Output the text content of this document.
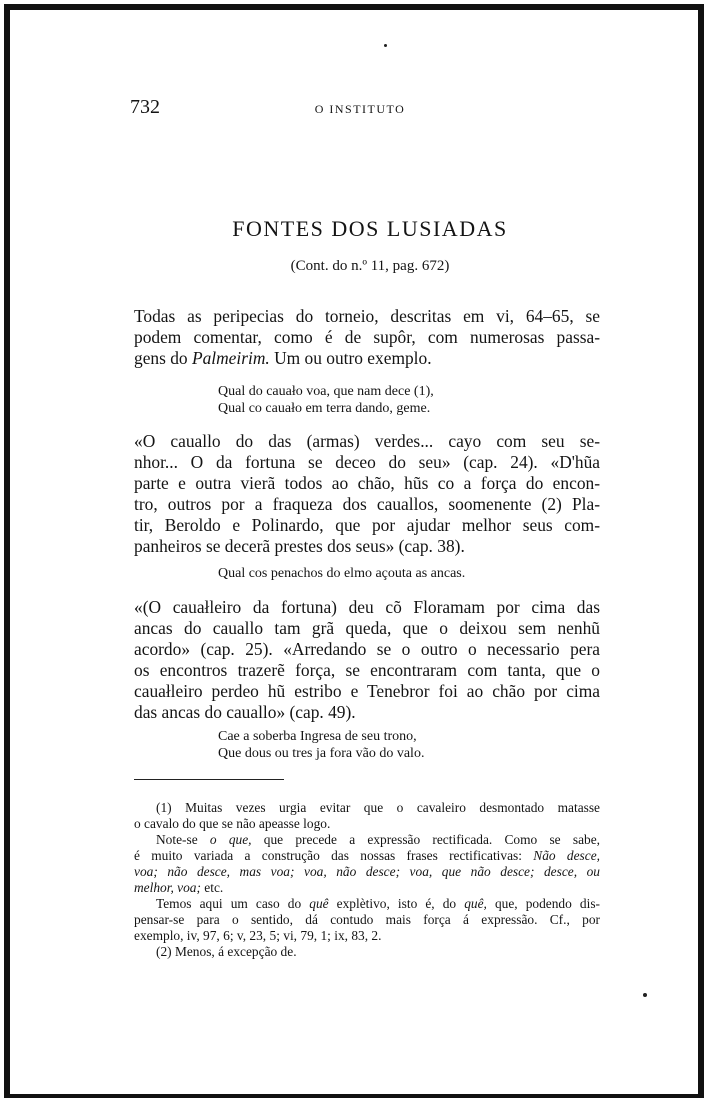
732	O INSTITUTO
FONTES DOS LUSIADAS
(Cont. do n.º 11, pag. 672)

Todas as peripecias do torneio, descritas em vi, 64–65, se
podem comentar, como é de supôr, com numerosas passa-
gens do Palmeirim. Um ou outro exemplo.

Qual do cauało voa, que nam dece (1),
Qual co cauało em terra dando, geme.

«O cauallo do das (armas) verdes... cayo com seu se-
nhor... O da fortuna se deceo do seu» (cap. 24). «D'hũa
parte e outra vierã todos ao chão, hũs co a força do encon-
tro, outros por a fraqueza dos cauallos, soomenente (2) Pla-
tir, Beroldo e Polinardo, que por ajudar melhor seus com-
panheiros se decerã prestes dos seus» (cap. 38).

Qual cos penachos do elmo açouta as ancas.

«(O cauałleiro da fortuna) deu cõ Floramam por cima das
ancas do cauallo tam grã queda, que o deixou sem nenhũ
acordo» (cap. 25). «Arredando se o outro o necessario pera
os encontros trazerẽ força, se encontraram com tanta, que o
cauałleiro perdeo hũ estribo e Tenebror foi ao chão por cima
das ancas do cauallo» (cap. 49).

Cae a soberba Ingresa de seu trono,
Que dous ou tres ja fora vão do valo.

(1) Muitas vezes urgia evitar que o cavaleiro desmontado matasse
o cavalo do que se não apeasse logo.

Note-se o que, que precede a expressão rectificada. Como se sabe,
é muito variada a construção das nossas frases rectificativas: Não desce,
voa; não desce, mas voa; voa, não desce; voa, que não desce; desce, ou
melhor, voa; etc.

Temos aqui um caso do quê explètivo, isto é, do quê, que, podendo dis-
pensar-se para o sentido, dá contudo mais força á expressão. Cf., por
exemplo, iv, 97, 6; v, 23, 5; vi, 79, 1; ix, 83, 2.

(2) Menos, á excepção de.
